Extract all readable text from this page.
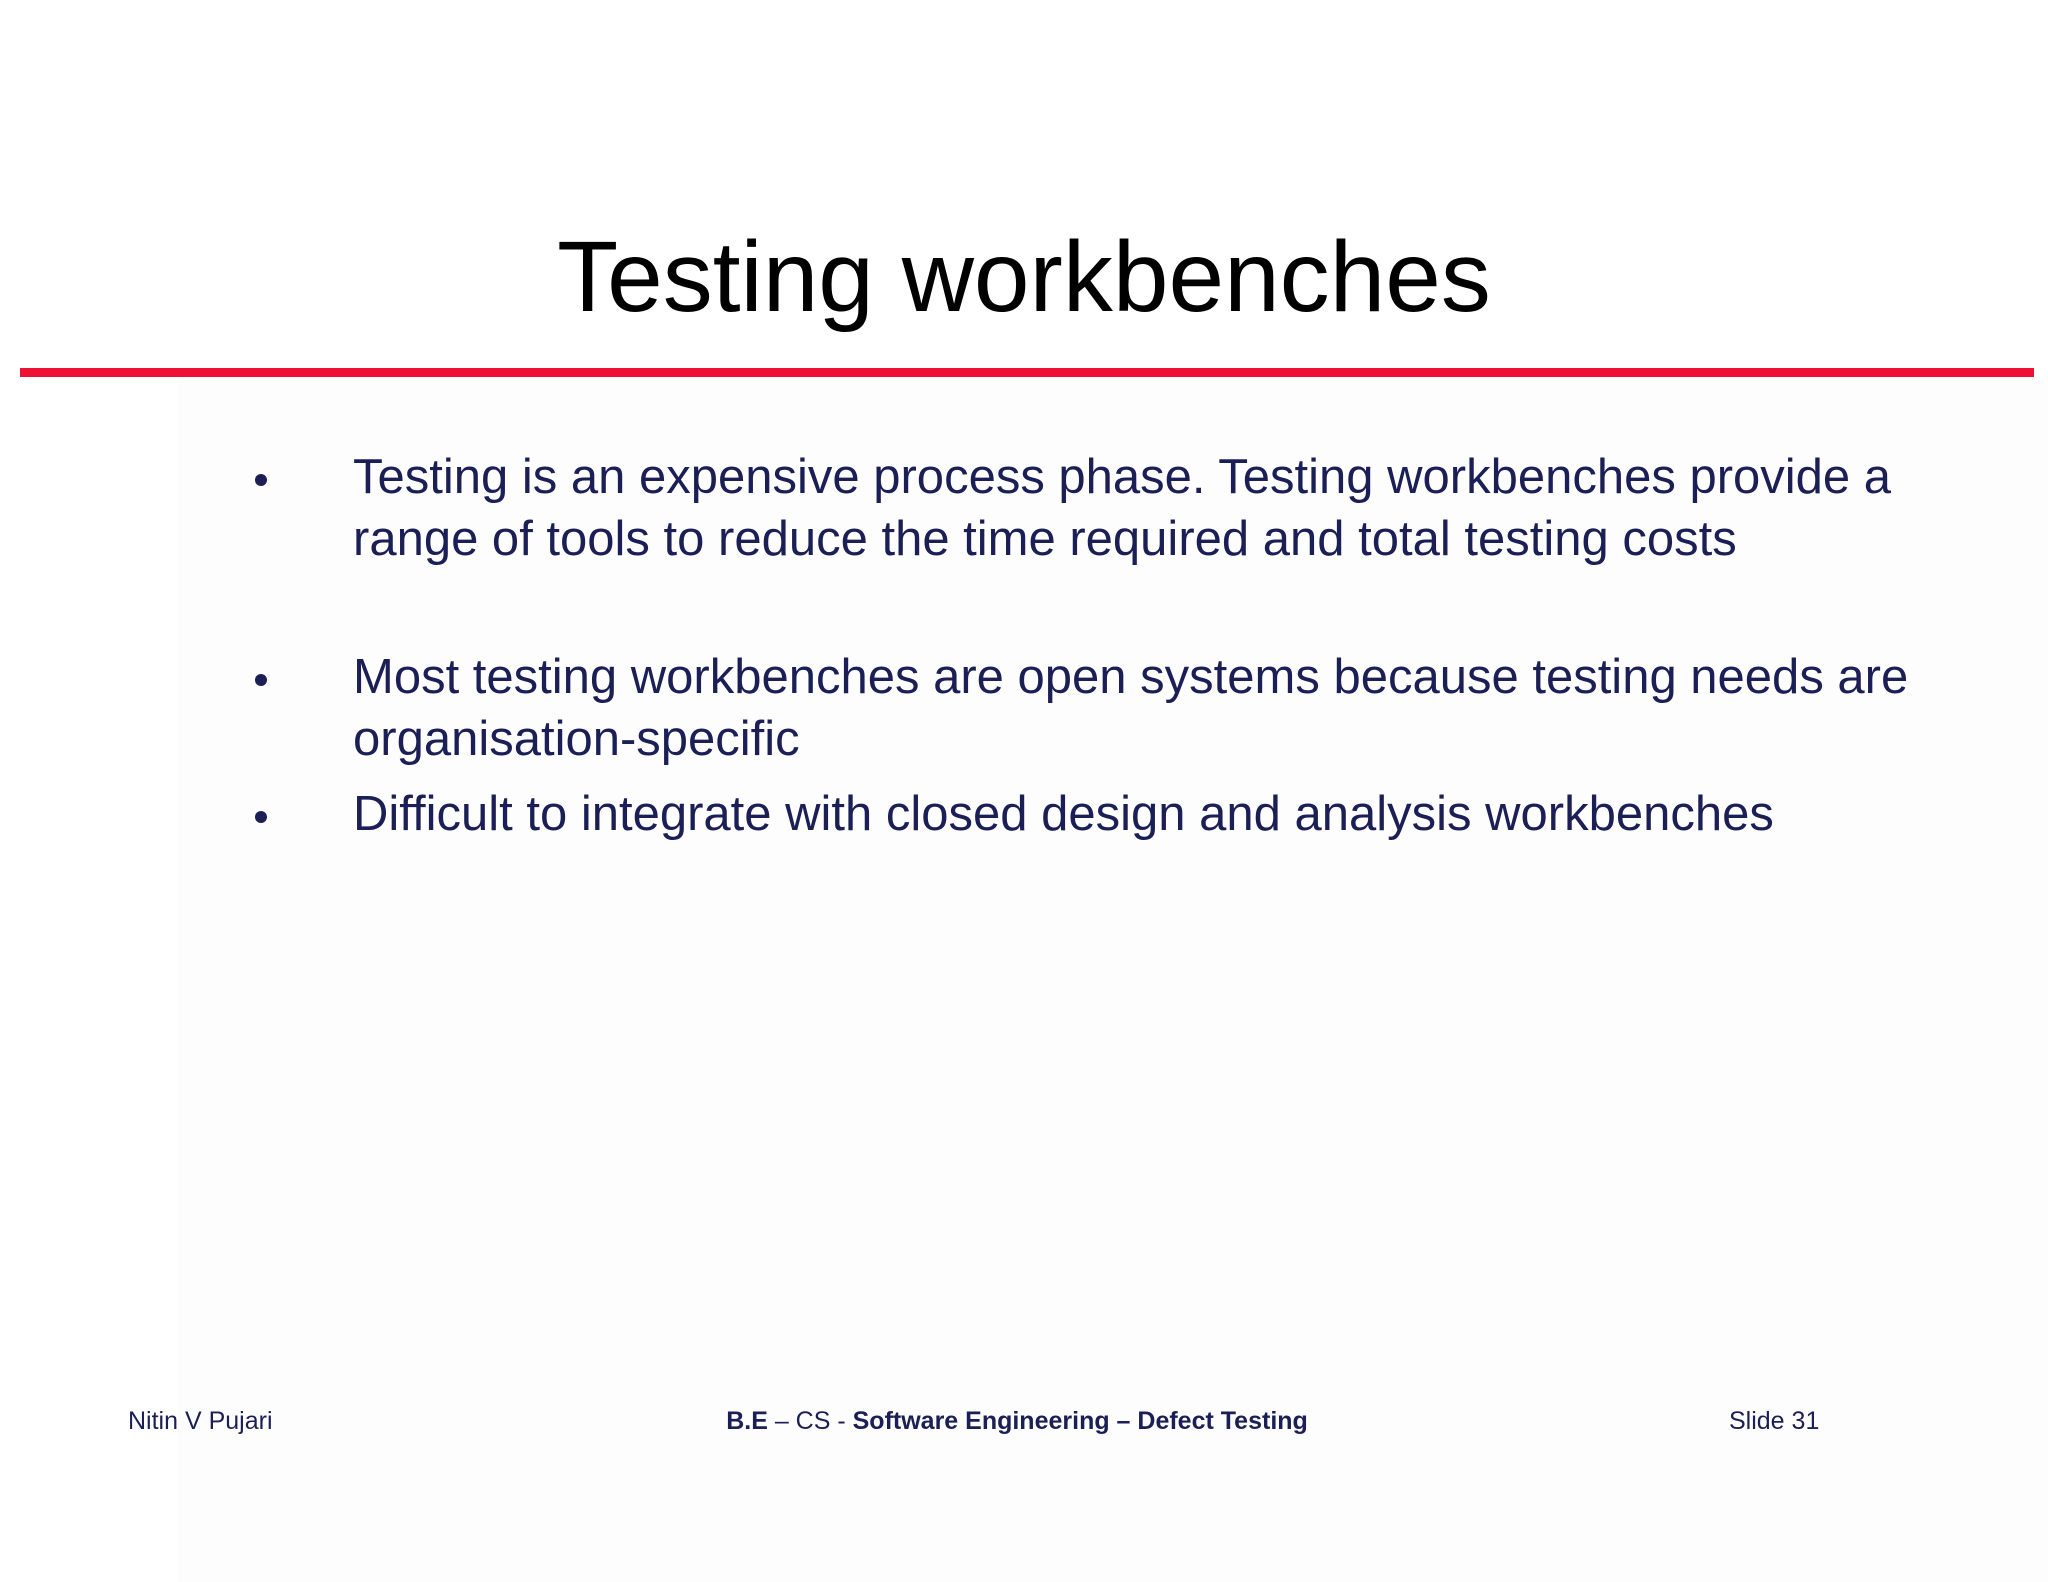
Testing workbenches
Testing is an expensive process phase. Testing workbenches provide a range of tools to reduce the time required and total testing costs
Most testing workbenches are open systems because testing needs are organisation-specific
Difficult to integrate with closed design and analysis workbenches
Nitin V Pujari	B.E – CS - Software Engineering – Defect Testing	Slide 31
